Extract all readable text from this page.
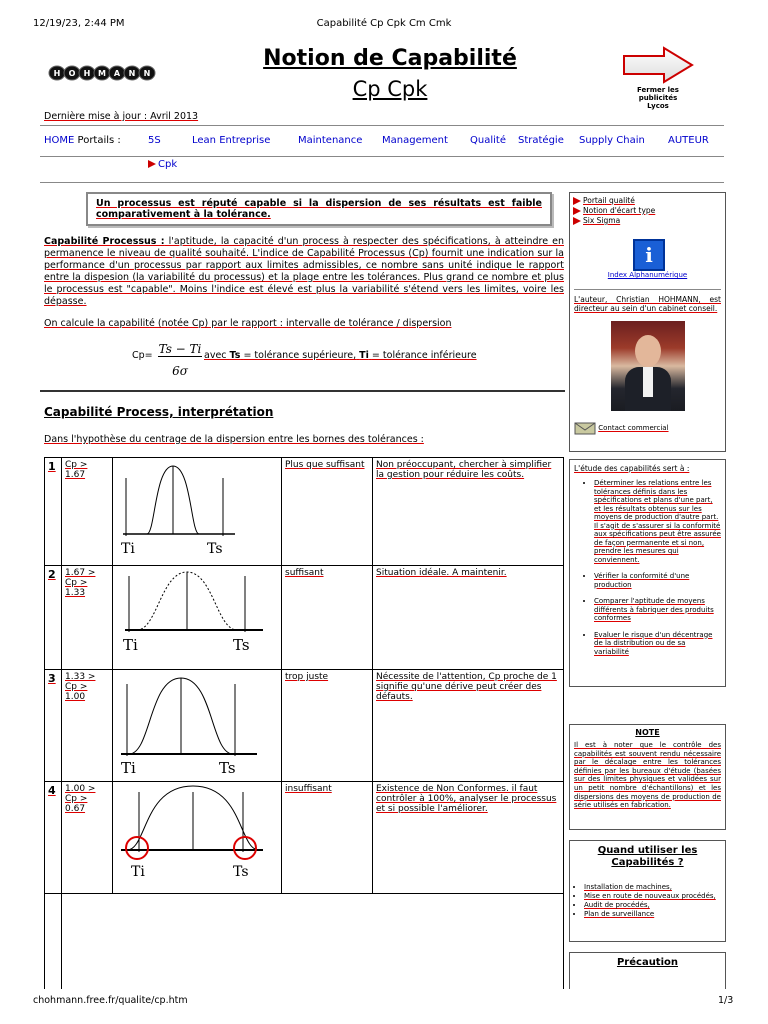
12/19/23, 2:44 PM	Capabilité Cp Cpk Cm Cmk
H O H M A N N
Notion de Capabilité
Cp Cpk	Fermer les publicités
Lycos
Dernière mise à jour : Avril 2013
HOME Portails :	5S	Lean Entreprise	Maintenance Management Qualité Stratégie Supply Chain AUTEUR
Cpk
Un processus est réputé capable si la dispersion de ses résultats est faible comparativement à la tolérance.
Capabilité Processus : l'aptitude, la capacité d'un process à respecter des spécifications, à atteindre en permanence le niveau de qualité souhaité. L'indice de Capabilité Processus (Cp) fournit une indication sur la performance d'un processus par rapport aux limites admissibles, ce nombre sans unité indique le rapport entre la dispesion (la variabilité du processus) et la plage entre les tolérances. Plus grand ce nombre et plus le processus est "capable". Moins l'indice est élevé est plus la variabilité s'étend vers les limites, voire les dépasse.
On calcule la capabilité (notée Cp) par le rapport : intervalle de tolérance / dispersion
Cp= Ts − Ti
6σ
avec Ts = tolérance supérieure, Ti = tolérance inférieure
Capabilité Process, interprétation
Dans l'hypothèse du centrage de la dispersion entre les bornes des tolérances :
1	Cp > 1.67	Ti Ts	Plus que suffisant	Non préoccupant, chercher à simplifier la gestion pour réduire les coûts.
2	1.67 > Cp > 1.33	Ti Ts	suffisant	Situation idéale. A maintenir.
3	1.33 > Cp > 1.00	Ti Ts	trop juste	Nécessite de l'attention, Cp proche de 1 signifie qu'une dérive peut créer des défauts.
4	1.00 > Cp > 0.67	Ti Ts	insuffisant	Existence de Non Conformes. il faut contrôler à 100%, analyser le processus et si possible l'améliorer.

Portail qualité
Notion d'écart type
Six Sigma
i
Index Alphanumérique
L'auteur, Christian HOHMANN, est directeur au sein d'un cabinet conseil.
Contact commercial
L'étude des capabilités sert à :
• Déterminer les relations entre les tolérances définis dans les spécifications et plans d'une part, et les résultats obtenus sur les moyens de production d'autre part. Il s'agit de s'assurer si la conformité aux spécifications peut être assurée de façon permanente et si non, prendre les mesures qui conviennent.
• Vérifier la conformité d'une production
• Comparer l'aptitude de moyens différents à fabriquer des produits conformes
• Evaluer le risque d'un décentrage de la distribution ou de sa variabilité
NOTE
Il est à noter que le contrôle des capabilités est souvent rendu nécessaire par le décalage entre les tolérances définies par les bureaux d'étude (basées sur des limites physiques et validées sur un petit nombre d'échantillons) et les dispersions des moyens de production de série utilisés en fabrication.
Quand utiliser les Capabilités ?
• Installation de machines,
• Mise en route de nouveaux procédés,
• Audit de procédés,
• Plan de surveillance
Précaution
chohmann.free.fr/qualite/cp.htm	1/3
